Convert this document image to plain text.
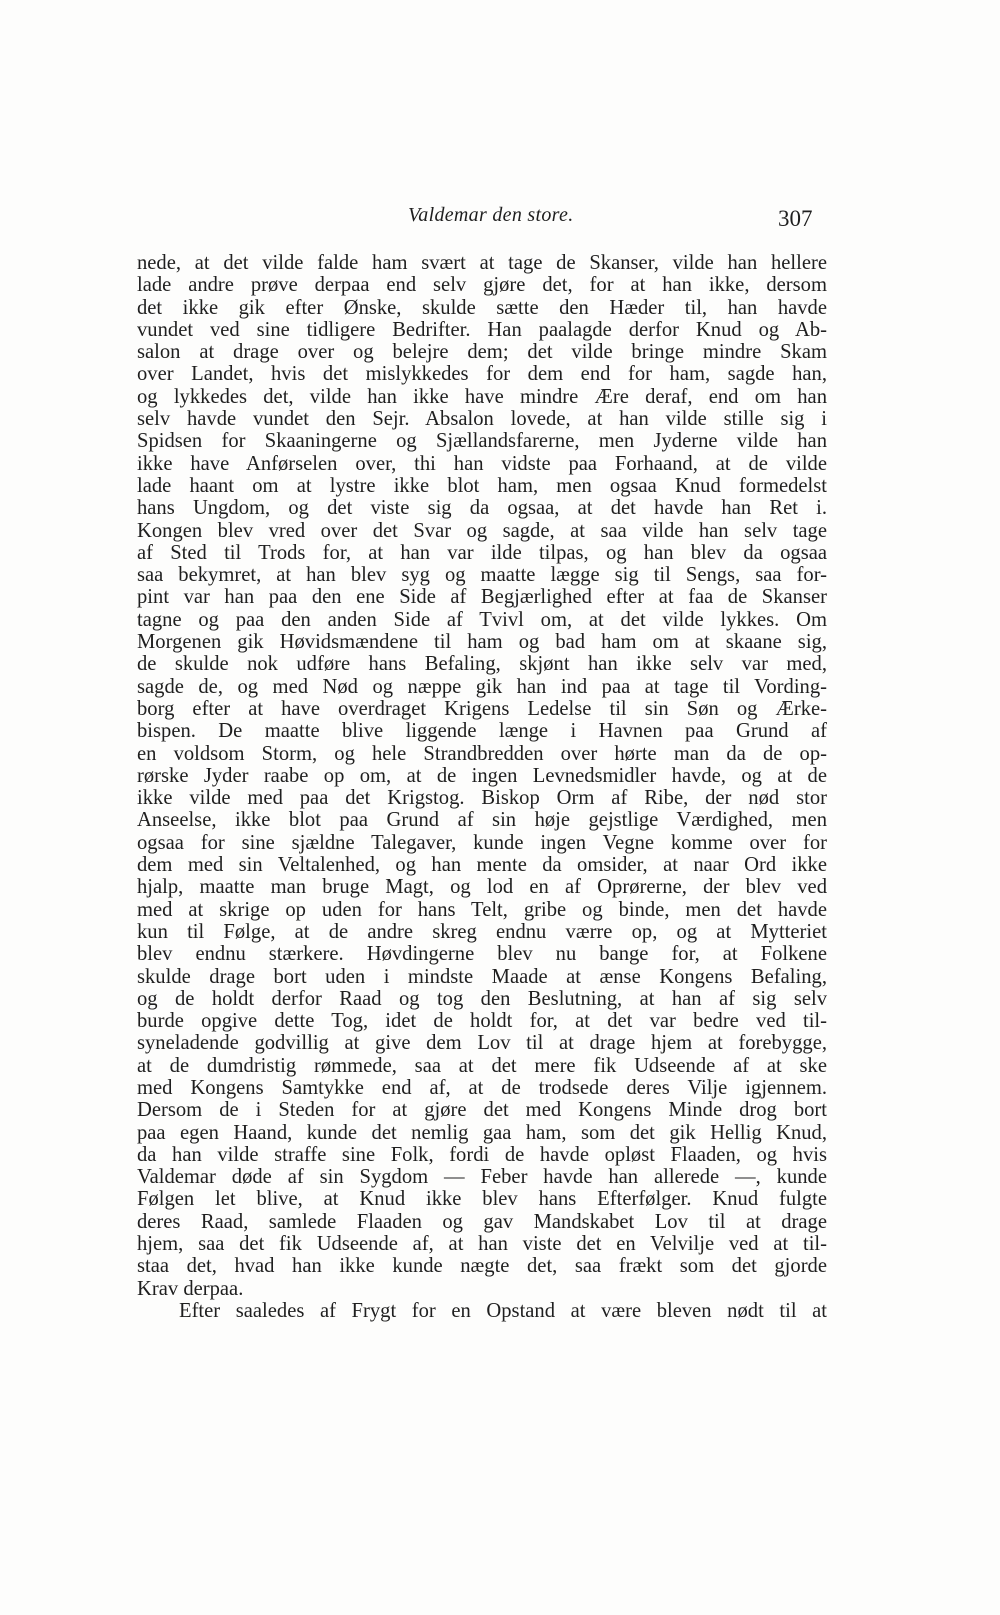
Valdemar den store.	307
nede, at det vilde falde ham svært at tage de Skanser, vilde han hellere
lade andre prøve derpaa end selv gjøre det, for at han ikke, dersom
det ikke gik efter Ønske, skulde sætte den Hæder til, han havde
vundet ved sine tidligere Bedrifter. Han paalagde derfor Knud og Ab-
salon at drage over og belejre dem; det vilde bringe mindre Skam
over Landet, hvis det mislykkedes for dem end for ham, sagde han,
og lykkedes det, vilde han ikke have mindre Ære deraf, end om han
selv havde vundet den Sejr. Absalon lovede, at han vilde stille sig i
Spidsen for Skaaningerne og Sjællandsfarerne, men Jyderne vilde han
ikke have Anførselen over, thi han vidste paa Forhaand, at de vilde
lade haant om at lystre ikke blot ham, men ogsaa Knud formedelst
hans Ungdom, og det viste sig da ogsaa, at det havde han Ret i.
Kongen blev vred over det Svar og sagde, at saa vilde han selv tage
af Sted til Trods for, at han var ilde tilpas, og han blev da ogsaa
saa bekymret, at han blev syg og maatte lægge sig til Sengs, saa for-
pint var han paa den ene Side af Begjærlighed efter at faa de Skanser
tagne og paa den anden Side af Tvivl om, at det vilde lykkes. Om
Morgenen gik Høvidsmændene til ham og bad ham om at skaane sig,
de skulde nok udføre hans Befaling, skjønt han ikke selv var med,
sagde de, og med Nød og næppe gik han ind paa at tage til Vording-
borg efter at have overdraget Krigens Ledelse til sin Søn og Ærke-
bispen. De maatte blive liggende længe i Havnen paa Grund af
en voldsom Storm, og hele Strandbredden over hørte man da de op-
rørske Jyder raabe op om, at de ingen Levnedsmidler havde, og at de
ikke vilde med paa det Krigstog. Biskop Orm af Ribe, der nød stor
Anseelse, ikke blot paa Grund af sin høje gejstlige Værdighed, men
ogsaa for sine sjældne Talegaver, kunde ingen Vegne komme over for
dem med sin Veltalenhed, og han mente da omsider, at naar Ord ikke
hjalp, maatte man bruge Magt, og lod en af Oprørerne, der blev ved
med at skrige op uden for hans Telt, gribe og binde, men det havde
kun til Følge, at de andre skreg endnu værre op, og at Mytteriet
blev endnu stærkere. Høvdingerne blev nu bange for, at Folkene
skulde drage bort uden i mindste Maade at ænse Kongens Befaling,
og de holdt derfor Raad og tog den Beslutning, at han af sig selv
burde opgive dette Tog, idet de holdt for, at det var bedre ved til-
syneladende godvillig at give dem Lov til at drage hjem at forebygge,
at de dumdristig rømmede, saa at det mere fik Udseende af at ske
med Kongens Samtykke end af, at de trodsede deres Vilje igjennem.
Dersom de i Steden for at gjøre det med Kongens Minde drog bort
paa egen Haand, kunde det nemlig gaa ham, som det gik Hellig Knud,
da han vilde straffe sine Folk, fordi de havde opløst Flaaden, og hvis
Valdemar døde af sin Sygdom — Feber havde han allerede —, kunde
Følgen let blive, at Knud ikke blev hans Efterfølger. Knud fulgte
deres Raad, samlede Flaaden og gav Mandskabet Lov til at drage
hjem, saa det fik Udseende af, at han viste det en Velvilje ved at til-
staa det, hvad han ikke kunde nægte det, saa frækt som det gjorde
Krav derpaa.
Efter saaledes af Frygt for en Opstand at være bleven nødt til at
